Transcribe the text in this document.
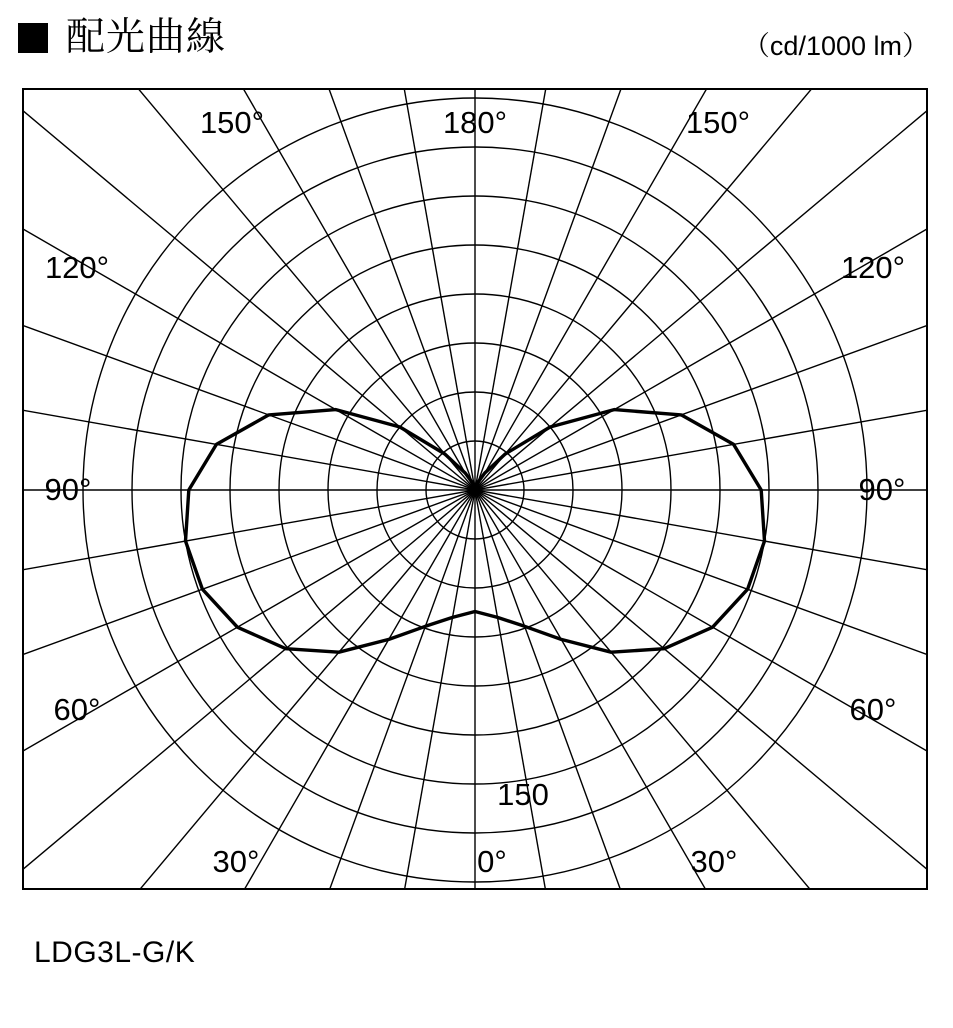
配光曲線	（cd/1000 lm）
150°	180°	150°
120°	120°
90°	90°
60°	60°
30°	0°	30°
150
LDG3L-G/K
